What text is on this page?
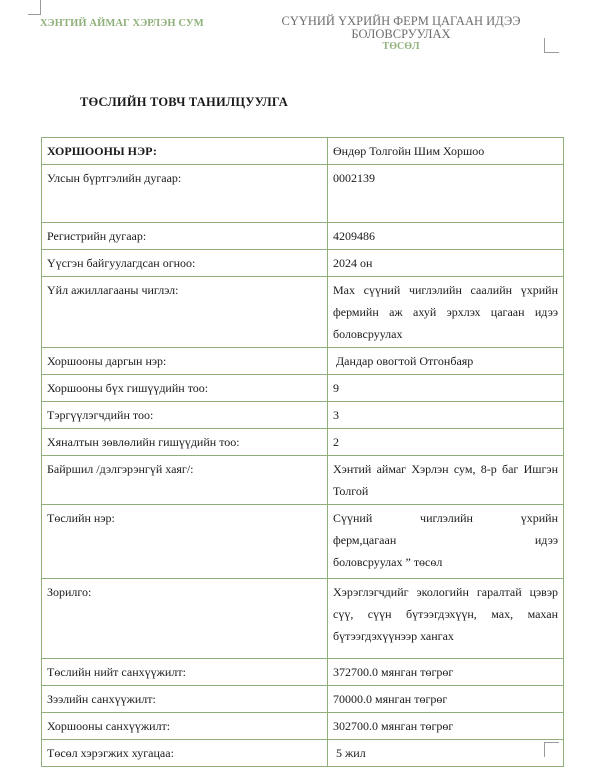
ХЭНТИЙ АЙМАГ ХЭРЛЭН СУМ	СҮҮНИЙ ҮХРИЙН ФЕРМ ЦАГААН ИДЭЭ
БОЛОВСРУУЛАХ
ТӨСӨЛ
ТӨСЛИЙН ТОВЧ ТАНИЛЦУУЛГА
ХОРШООНЫ НЭР:	Өндөр Толгойн Шим Хоршоо
Улсын бүртгэлийн дугаар:	0002139
Регистрийн дугаар:	4209486
Үүсгэн байгуулагдсан огноо:	2024 он
Үйл ажиллагааны чиглэл:	Мах сүүний чиглэлийн саалийн үхрийн фермийн аж ахуй эрхлэх цагаан идээ боловсруулах
Хоршооны даргын нэр:	Дандар овогтой Отгонбаяр
Хоршооны бүх гишүүдийн тоо:	9
Тэргүүлэгчдийн тоо:	3
Хяналтын зөвлөлийн гишүүдийн тоо:	2
Байршил /дэлгэрэнгүй хаяг/:	Хэнтий аймаг Хэрлэн сум, 8-р баг Ишгэн Толгой
Төслийн нэр:	Сүүний чиглэлийн үхрийн
ферм,цагаан идээ
боловсруулах ” төсөл

Зорилго:	Хэрэглэгчдийг экологийн гаралтай цэвэр сүү, сүүн бүтээгдэхүүн, мах, махан бүтээгдэхүүнээр хангах
Төслийн нийт санхүүжилт:	372700.0 мянган төгрөг
Зээлийн санхүүжилт:	70000.0 мянган төгрөг
Хоршооны санхүүжилт:	302700.0 мянган төгрөг
Төсөл хэрэгжих хугацаа:	5 жил
